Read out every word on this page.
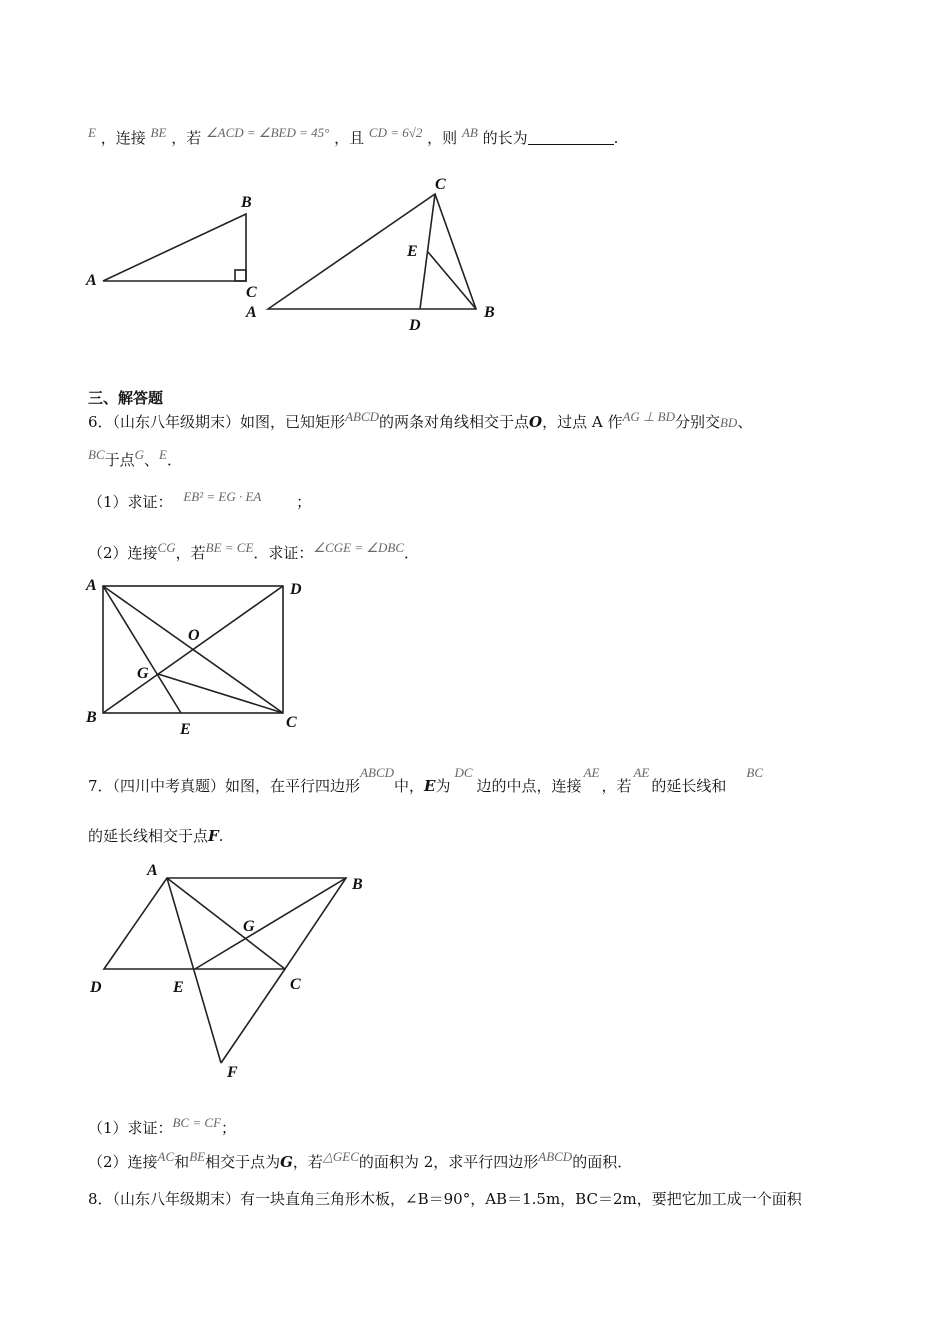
E ，连接 BE ，若 ∠ACD = ∠BED = 45° ，且 CD = 6√2 ，则 AB 的长为	.
A
B
C
C
E
A
D
B
三、解答题
6．（山东八年级期末）如图，已知矩形ABCD的两条对角线相交于点O，过点 A 作AG ⊥ BD分别交BD、
BC于点G、E．
（1）求证： EB² = EG · EA ；
（2）连接CG，若BE = CE．求证：∠CGE = ∠DBC．
A	D
O
G
B
E	C
7．（四川中考真题）如图，在平行四边形ABCD中，E为DC边的中点，连接AE，若AE的延长线和BC
的延长线相交于点F.
A
B
G
D	E	C
F
（1）求证：BC = CF；
（2）连接AC和BE相交于点为G，若△GEC的面积为 2，求平行四边形ABCD的面积．
8．（山东八年级期末）有一块直角三角形木板，∠B＝90°，AB＝1.5m，BC＝2m，要把它加工成一个面积
